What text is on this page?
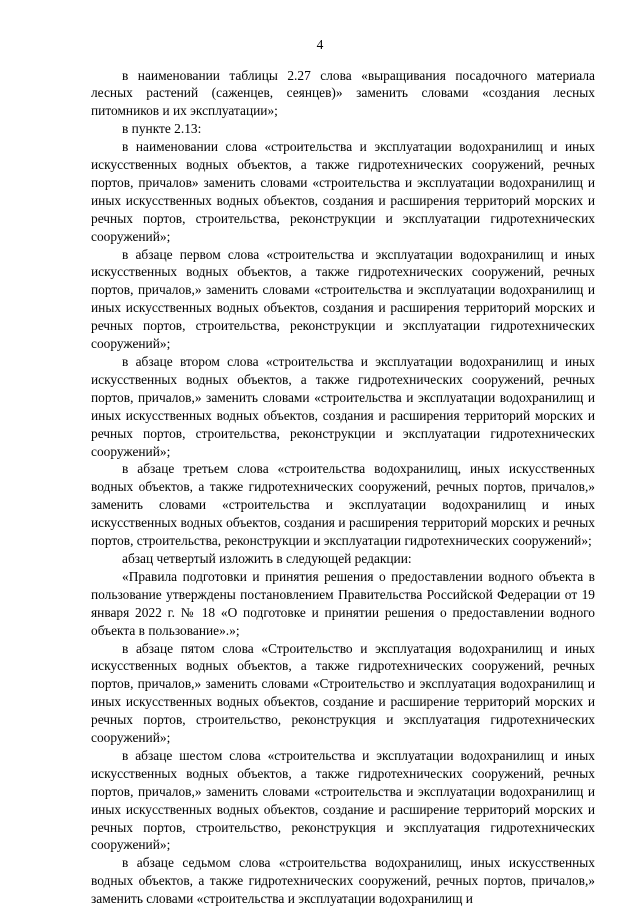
4

в наименовании таблицы 2.27 слова «выращивания посадочного материала лесных растений (саженцев, сеянцев)» заменить словами «создания лесных питомников и их эксплуатации»;

в пункте 2.13:

в наименовании слова «строительства и эксплуатации водохранилищ и иных искусственных водных объектов, а также гидротехнических сооружений, речных портов, причалов» заменить словами «строительства и эксплуатации водохранилищ и иных искусственных водных объектов, создания и расширения территорий морских и речных портов, строительства, реконструкции и эксплуатации гидротехнических сооружений»;

в абзаце первом слова «строительства и эксплуатации водохранилищ и иных искусственных водных объектов, а также гидротехнических сооружений, речных портов, причалов,» заменить словами «строительства и эксплуатации водохранилищ и иных искусственных водных объектов, создания и расширения территорий морских и речных портов, строительства, реконструкции и эксплуатации гидротехнических сооружений»;

в абзаце втором слова «строительства и эксплуатации водохранилищ и иных искусственных водных объектов, а также гидротехнических сооружений, речных портов, причалов,» заменить словами «строительства и эксплуатации водохранилищ и иных искусственных водных объектов, создания и расширения территорий морских и речных портов, строительства, реконструкции и эксплуатации гидротехнических сооружений»;

в абзаце третьем слова «строительства водохранилищ, иных искусственных водных объектов, а также гидротехнических сооружений, речных портов, причалов,» заменить словами «строительства и эксплуатации водохранилищ и иных искусственных водных объектов, создания и расширения территорий морских и речных портов, строительства, реконструкции и эксплуатации гидротехнических сооружений»;

абзац четвертый изложить в следующей редакции:

«Правила подготовки и принятия решения о предоставлении водного объекта в пользование утверждены постановлением Правительства Российской Федерации от 19 января 2022 г. № 18 «О подготовке и принятии решения о предоставлении водного объекта в пользование».»;

в абзаце пятом слова «Строительство и эксплуатация водохранилищ и иных искусственных водных объектов, а также гидротехнических сооружений, речных портов, причалов,» заменить словами «Строительство и эксплуатация водохранилищ и иных искусственных водных объектов, создание и расширение территорий морских и речных портов, строительство, реконструкция и эксплуатация гидротехнических сооружений»;

в абзаце шестом слова «строительства и эксплуатации водохранилищ и иных искусственных водных объектов, а также гидротехнических сооружений, речных портов, причалов,» заменить словами «строительства и эксплуатации водохранилищ и иных искусственных водных объектов, создание и расширение территорий морских и речных портов, строительство, реконструкция и эксплуатация гидротехнических сооружений»;

в абзаце седьмом слова «строительства водохранилищ, иных искусственных водных объектов, а также гидротехнических сооружений, речных портов, причалов,» заменить словами «строительства и эксплуатации водохранилищ и
